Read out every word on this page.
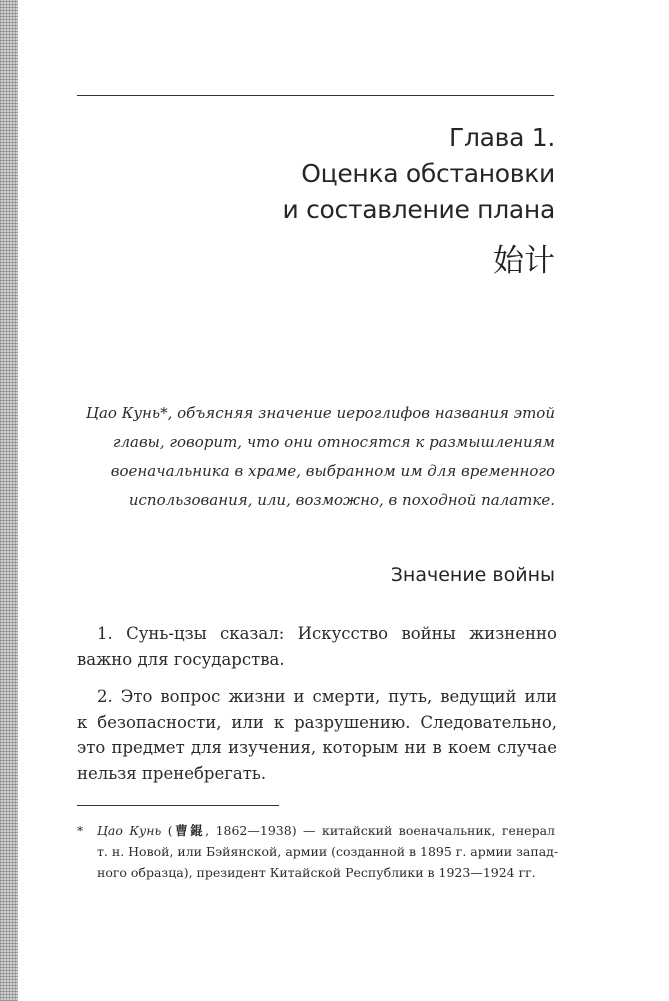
Глава 1.
Оценка обстановки
и составление плана
始计
Цао Кунь*, объясняя значение иероглифов названия этой
главы, говорит, что они относятся к размышлениям
военачальника в храме, выбранном им для временного
использования, или, возможно, в походной палатке.
Значение войны
1. Сунь-цзы сказал: Искусство войны жизненно
важно для государства.
2. Это вопрос жизни и смерти, путь, ведущий или
к безопасности, или к разрушению. Следовательно,
это предмет для изучения, которым ни в коем случае
нельзя пренебрегать.
* Цао Кунь (曹錕, 1862—1938) — китайский военачальник, генерал
т. н. Новой, или Бэйянской, армии (созданной в 1895 г. армии запад-
ного образца), президент Китайской Республики в 1923—1924 гг.
